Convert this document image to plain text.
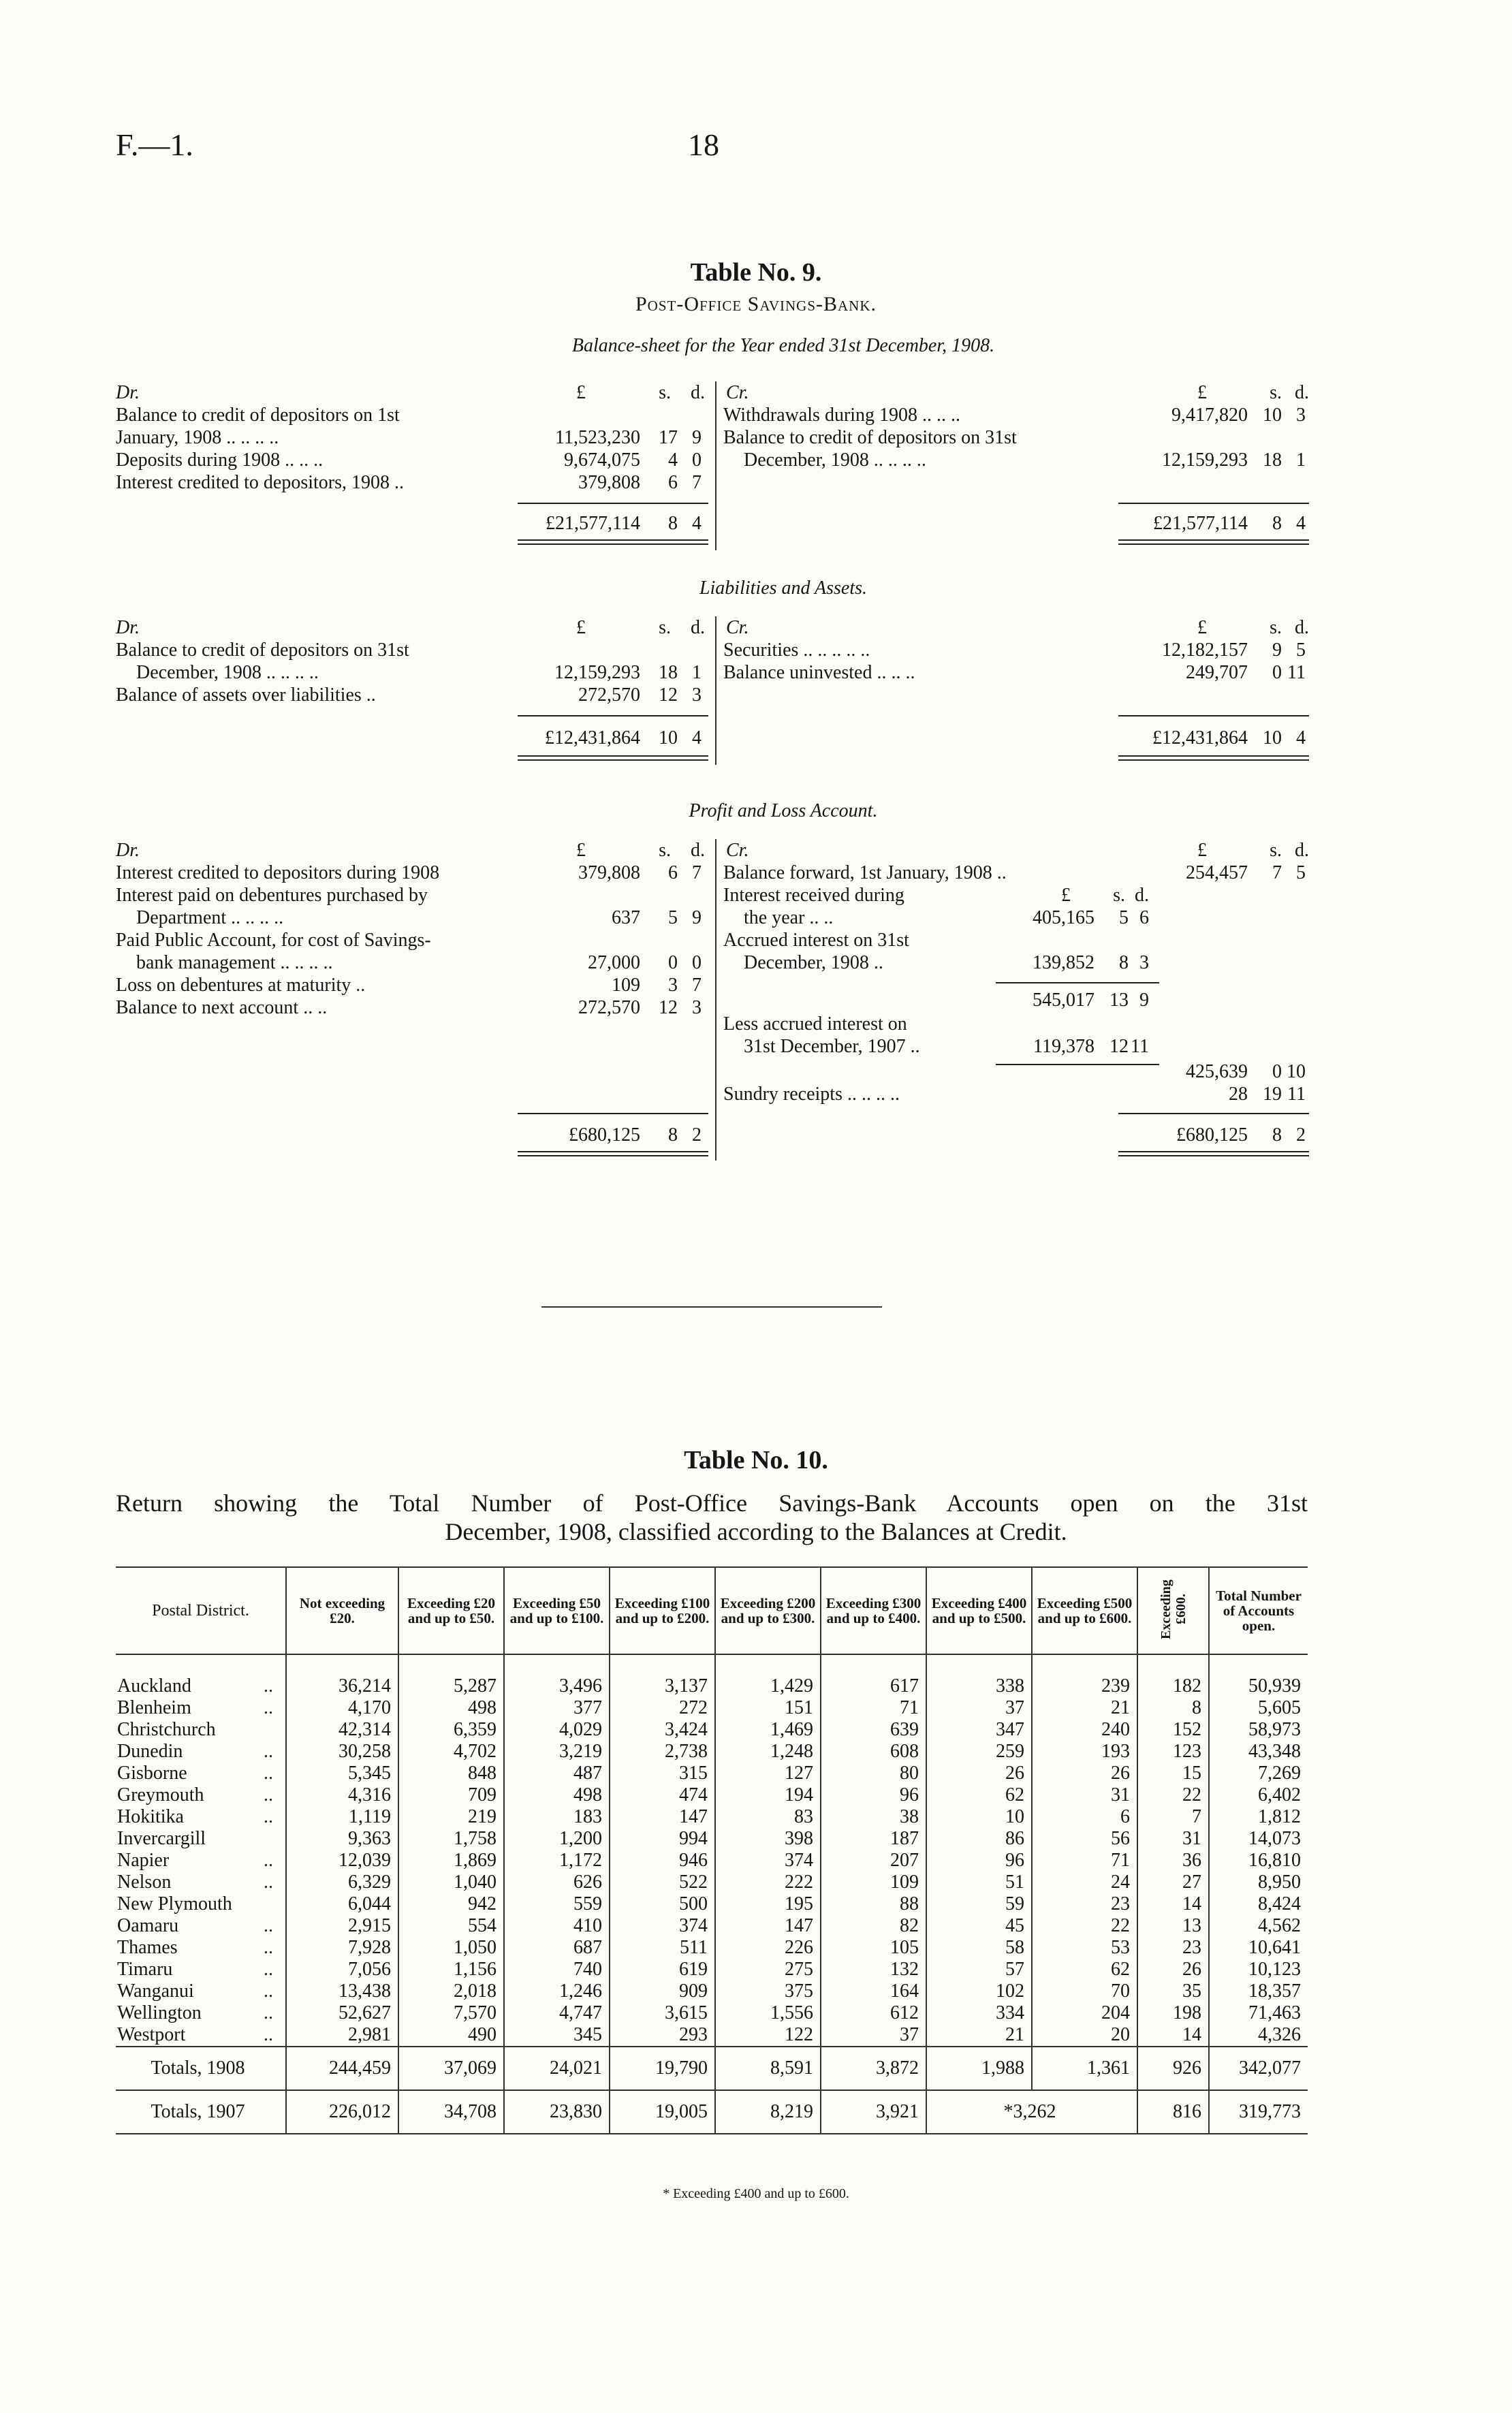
F.—1.	18
Table No. 9.
Post-Office Savings-Bank.
Balance-sheet for the Year ended 31st December, 1908.
Dr.	£	s. d.
Balance to credit of depositors on 1st
January, 1908 .. .. .. ..	11,523,230 17 9
Deposits during 1908 .. .. ..	9,674,075 4 0
Interest credited to depositors, 1908 ..	379,808 6 7
£21,577,114 8 4
Cr.	£	s. d.
Withdrawals during 1908 .. .. ..	9,417,820 10 3
Balance to credit of depositors on 31st
December, 1908 .. .. .. ..	12,159,293 18 1
£21,577,114 8 4
Liabilities and Assets.
Dr.	£	s. d.
Balance to credit of depositors on 31st
December, 1908 .. .. .. ..	12,159,293 18 1
Balance of assets over liabilities ..	272,570 12 3
£12,431,864 10 4
Cr.	£	s. d.
Securities .. .. .. .. ..	12,182,157 9 5
Balance uninvested .. .. ..	249,707 0 11
£12,431,864 10 4
Profit and Loss Account.
Dr.	£	s. d.
Interest credited to depositors during 1908	379,808 6 7
Interest paid on debentures purchased by
Department .. .. .. ..	637 5 9
Paid Public Account, for cost of Savings-
bank management .. .. .. ..	27,000 0 0
Loss on debentures at maturity ..	109 3 7
Balance to next account .. ..	272,570 12 3
£680,125 8 2
Cr.	£	s. d.
Balance forward, 1st January, 1908 ..	254,457 7 5
Interest received during	£ s. d.
the year .. ..	405,165 5 6
Accrued interest on 31st
December, 1908 ..	139,852 8 3
545,017 13 9
Less accrued interest on
31st December, 1907 ..	119,378 12 11
425,639 0 10
Sundry receipts .. .. .. ..	28 19 11
£680,125 8 2
Table No. 10.
Return showing the Total Number of Post-Office Savings-Bank Accounts open on the 31st
December, 1908, classified according to the Balances at Credit.
Postal District.	Not exceeding £20.	Exceeding £20 and up to £50.	Exceeding £50 and up to £100.	Exceeding £100 and up to £200.	Exceeding £200 and up to £300.	Exceeding £300 and up to £400.	Exceeding £400 and up to £500.	Exceeding £500 and up to £600.	Exceeding £600.	Total Number of Accounts open.

Auckland ..	36,214	5,287	3,496	3,137	1,429	617	338	239	182	50,939

Blenheim ..	4,170	498	377	272	151	71	37	21	8	5,605

Christchurch	42,314	6,359	4,029	3,424	1,469	639	347	240	152	58,973

Dunedin ..	30,258	4,702	3,219	2,738	1,248	608	259	193	123	43,348

Gisborne ..	5,345	848	487	315	127	80	26	26	15	7,269

Greymouth ..	4,316	709	498	474	194	96	62	31	22	6,402

Hokitika ..	1,119	219	183	147	83	38	10	6	7	1,812

Invercargill	9,363	1,758	1,200	994	398	187	86	56	31	14,073

Napier ..	12,039	1,869	1,172	946	374	207	96	71	36	16,810

Nelson ..	6,329	1,040	626	522	222	109	51	24	27	8,950

New Plymouth	6,044	942	559	500	195	88	59	23	14	8,424

Oamaru ..	2,915	554	410	374	147	82	45	22	13	4,562

Thames ..	7,928	1,050	687	511	226	105	58	53	23	10,641

Timaru ..	7,056	1,156	740	619	275	132	57	62	26	10,123

Wanganui ..	13,438	2,018	1,246	909	375	164	102	70	35	18,357

Wellington ..	52,627	7,570	4,747	3,615	1,556	612	334	204	198	71,463

Westport ..	2,981	490	345	293	122	37	21	20	14	4,326
Totals, 1908	244,459	37,069	24,021	19,790	8,591	3,872	1,988	1,361	926	342,077
Totals, 1907	226,012	34,708	23,830	19,005	8,219	3,921	*3,262		816	319,773
* Exceeding £400 and up to £600.
